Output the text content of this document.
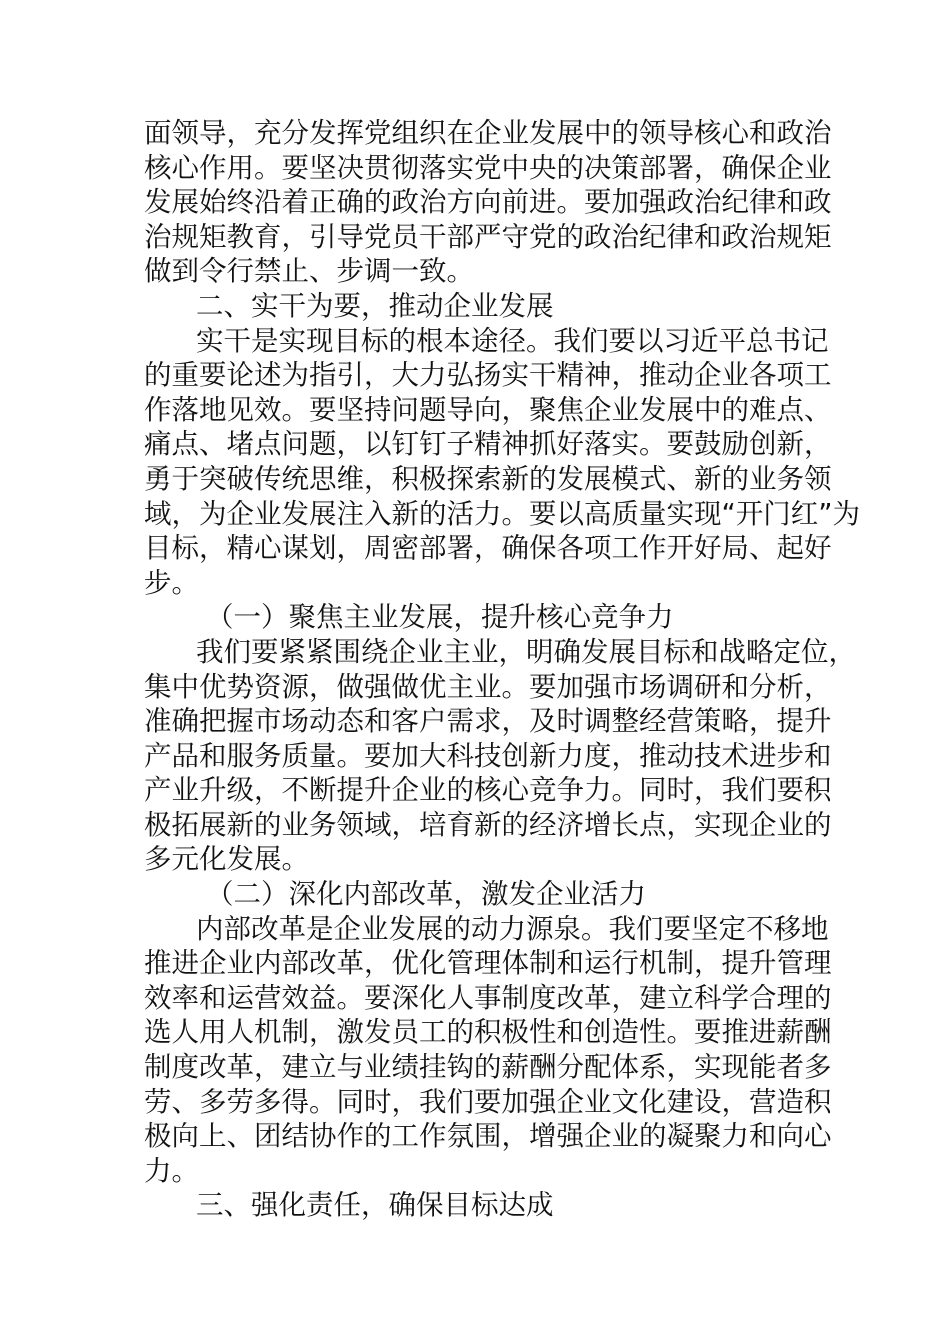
面领导，充分发挥党组织在企业发展中的领导核心和政治
核心作用。要坚决贯彻落实党中央的决策部署，确保企业
发展始终沿着正确的政治方向前进。要加强政治纪律和政
治规矩教育，引导党员干部严守党的政治纪律和政治规矩
做到令行禁止、步调一致。
二、实干为要，推动企业发展
实干是实现目标的根本途径。我们要以习近平总书记
的重要论述为指引，大力弘扬实干精神，推动企业各项工
作落地见效。要坚持问题导向，聚焦企业发展中的难点、
痛点、堵点问题，以钉钉子精神抓好落实。要鼓励创新，
勇于突破传统思维，积极探索新的发展模式、新的业务领
域，为企业发展注入新的活力。要以高质量实现“开门红”为
目标，精心谋划，周密部署，确保各项工作开好局、起好
步。
（一）聚焦主业发展，提升核心竞争力
我们要紧紧围绕企业主业，明确发展目标和战略定位，
集中优势资源，做强做优主业。要加强市场调研和分析，
准确把握市场动态和客户需求，及时调整经营策略，提升
产品和服务质量。要加大科技创新力度，推动技术进步和
产业升级，不断提升企业的核心竞争力。同时，我们要积
极拓展新的业务领域，培育新的经济增长点，实现企业的
多元化发展。
（二）深化内部改革，激发企业活力
内部改革是企业发展的动力源泉。我们要坚定不移地
推进企业内部改革，优化管理体制和运行机制，提升管理
效率和运营效益。要深化人事制度改革，建立科学合理的
选人用人机制，激发员工的积极性和创造性。要推进薪酬
制度改革，建立与业绩挂钩的薪酬分配体系，实现能者多
劳、多劳多得。同时，我们要加强企业文化建设，营造积
极向上、团结协作的工作氛围，增强企业的凝聚力和向心
力。
三、强化责任，确保目标达成
